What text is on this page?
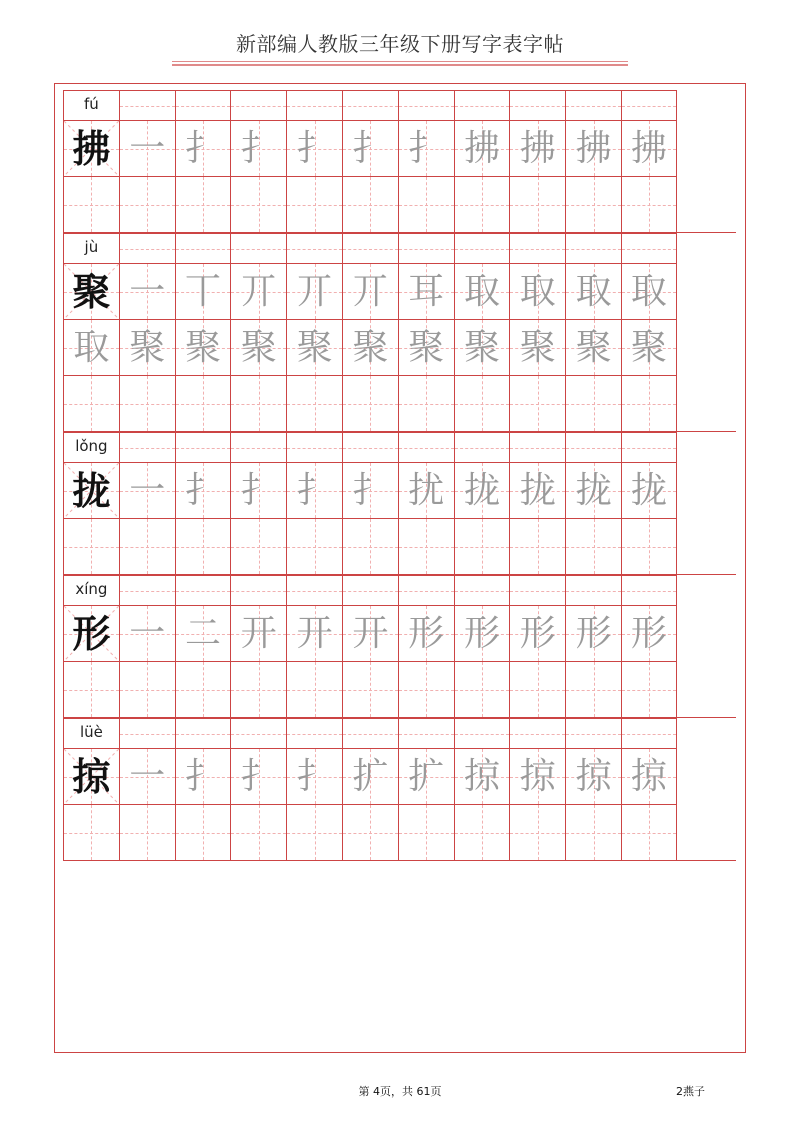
新部编人教版三年级下册写字表字帖
fú
拂 一 扌 扌 扌 扌 扌 拂 拂 拂 拂
jù
聚 一 丅 丌 丌 丌 耳 取 取 取 取
取 聚 聚 聚 聚 聚 聚 聚 聚 聚 聚
lǒng
拢 一 扌 扌 扌 扌 扰 拢 拢 拢 拢
xíng
形 一 二 开 开 开 形 形 形 形 形
lüè
掠 一 扌 扌 扌 扩 扩 掠 掠 掠 掠
第 4页，共 61页	2燕子
